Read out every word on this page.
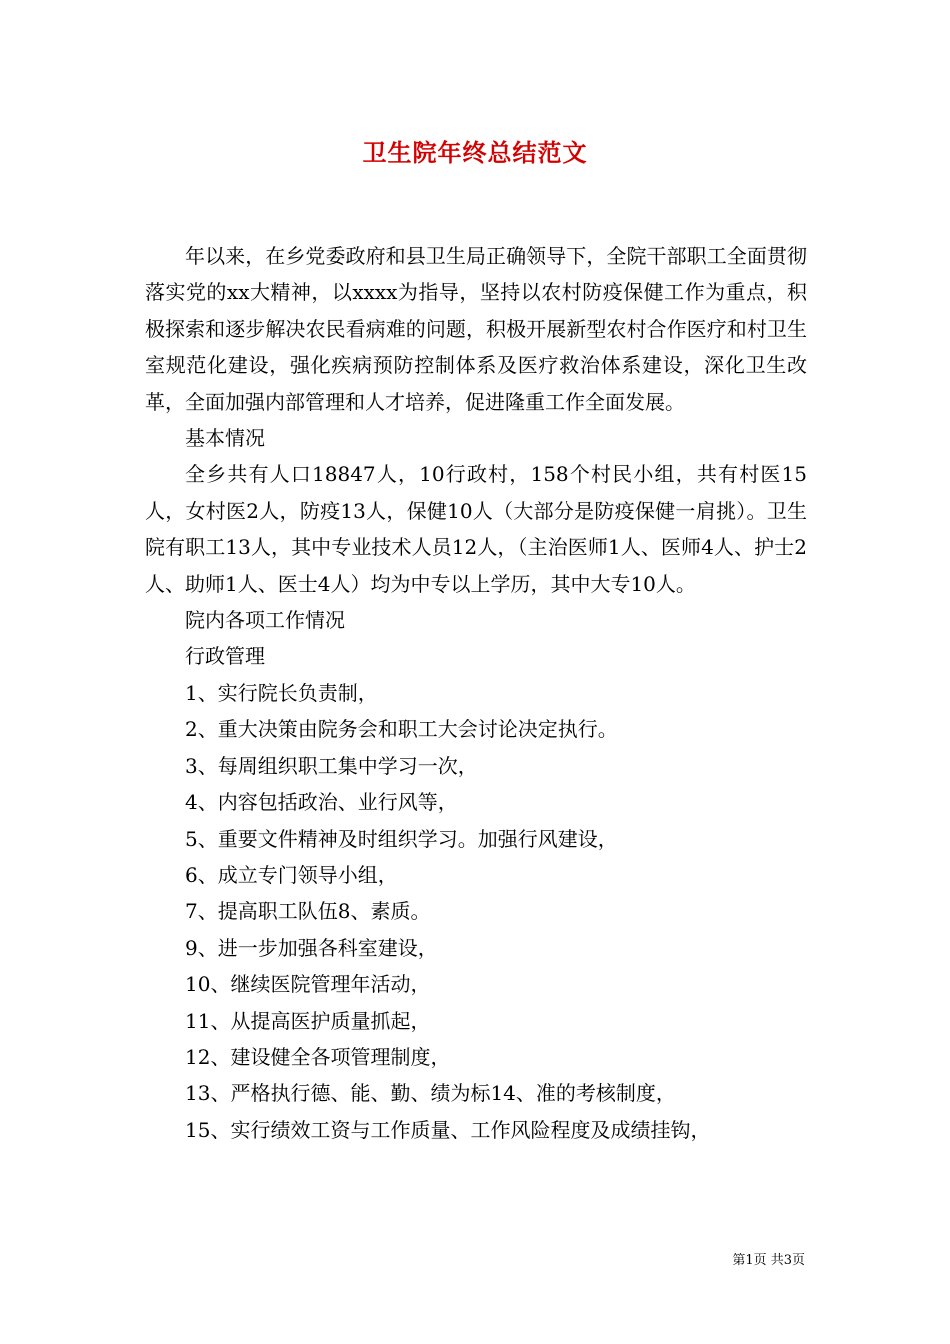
卫生院年终总结范文

年以来，在乡党委政府和县卫生局正确领导下，全院干部职工全面贯彻落实党的xx大精神，以xxxx为指导，坚持以农村防疫保健工作为重点，积极探索和逐步解决农民看病难的问题，积极开展新型农村合作医疗和村卫生室规范化建设，强化疾病预防控制体系及医疗救治体系建设，深化卫生改革，全面加强内部管理和人才培养，促进隆重工作全面发展。

基本情况

全乡共有人口18847人，10行政村，158个村民小组，共有村医15人，女村医2人，防疫13人，保健10人（大部分是防疫保健一肩挑）。卫生院有职工13人，其中专业技术人员12人，（主治医师1人、医师4人、护士2人、助师1人、医士4人）均为中专以上学历，其中大专10人。

院内各项工作情况

行政管理

1、实行院长负责制，

2、重大决策由院务会和职工大会讨论决定执行。

3、每周组织职工集中学习一次，

4、内容包括政治、业行风等，

5、重要文件精神及时组织学习。加强行风建设，

6、成立专门领导小组，

7、提高职工队伍8、素质。

9、进一步加强各科室建设，

10、继续医院管理年活动，

11、从提高医护质量抓起，

12、建设健全各项管理制度，

13、严格执行德、能、勤、绩为标14、准的考核制度，

15、实行绩效工资与工作质量、工作风险程度及成绩挂钩，

第1页 共3页
